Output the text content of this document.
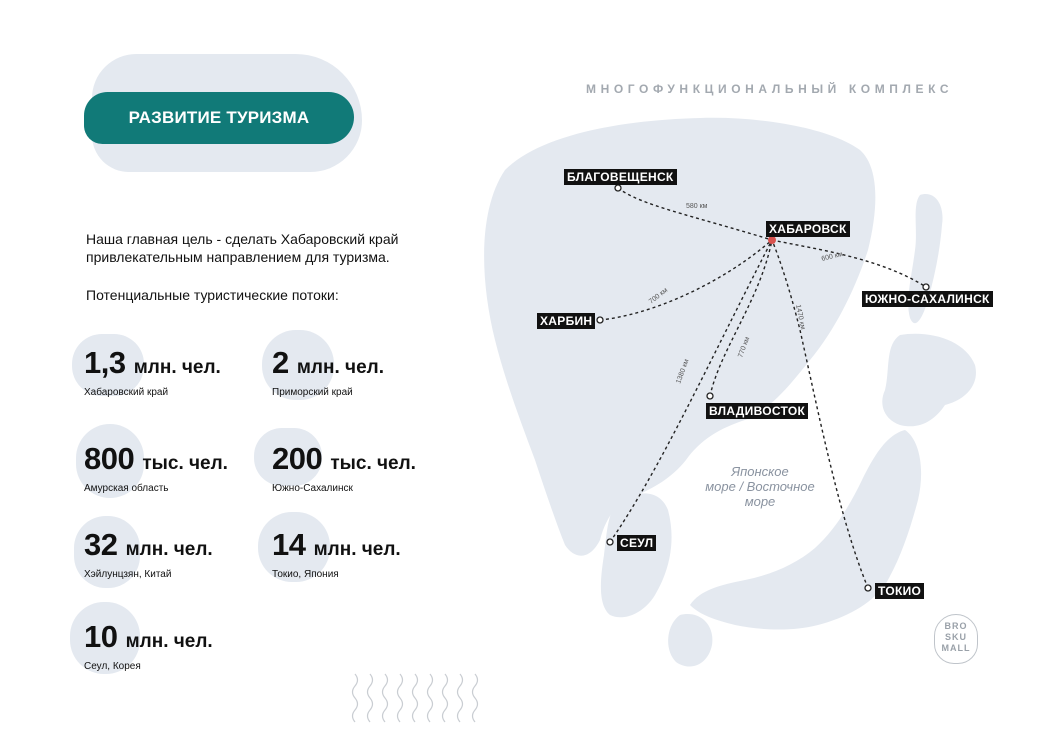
МНОГОФУНКЦИОНАЛЬНЫЙ КОМПЛЕКС
РАЗВИТИЕ ТУРИЗМА
Наша главная цель - сделать Хабаровский край
привлекательным направлением для туризма.
Потенциальные туристические потоки:
1,3 млн. чел.
Хабаровский край
2 млн. чел.
Приморский край
800 тыс. чел.
Амурская область
200 тыс. чел.
Южно-Сахалинск
32 млн. чел.
Хэйлунцзян, Китай
14 млн. чел.
Токио, Япония
10 млн. чел.
Сеул, Корея
580 км
600 км
700 км
770 км
1380 км
1470 км
БЛАГОВЕЩЕНСК
ХАБАРОВСК
ЮЖНО-САХАЛИНСК
ХАРБИН
ВЛАДИВОСТОК
СЕУЛ
ТОКИО
Японское
море / Восточное
море
BRO
SKU
MALL
